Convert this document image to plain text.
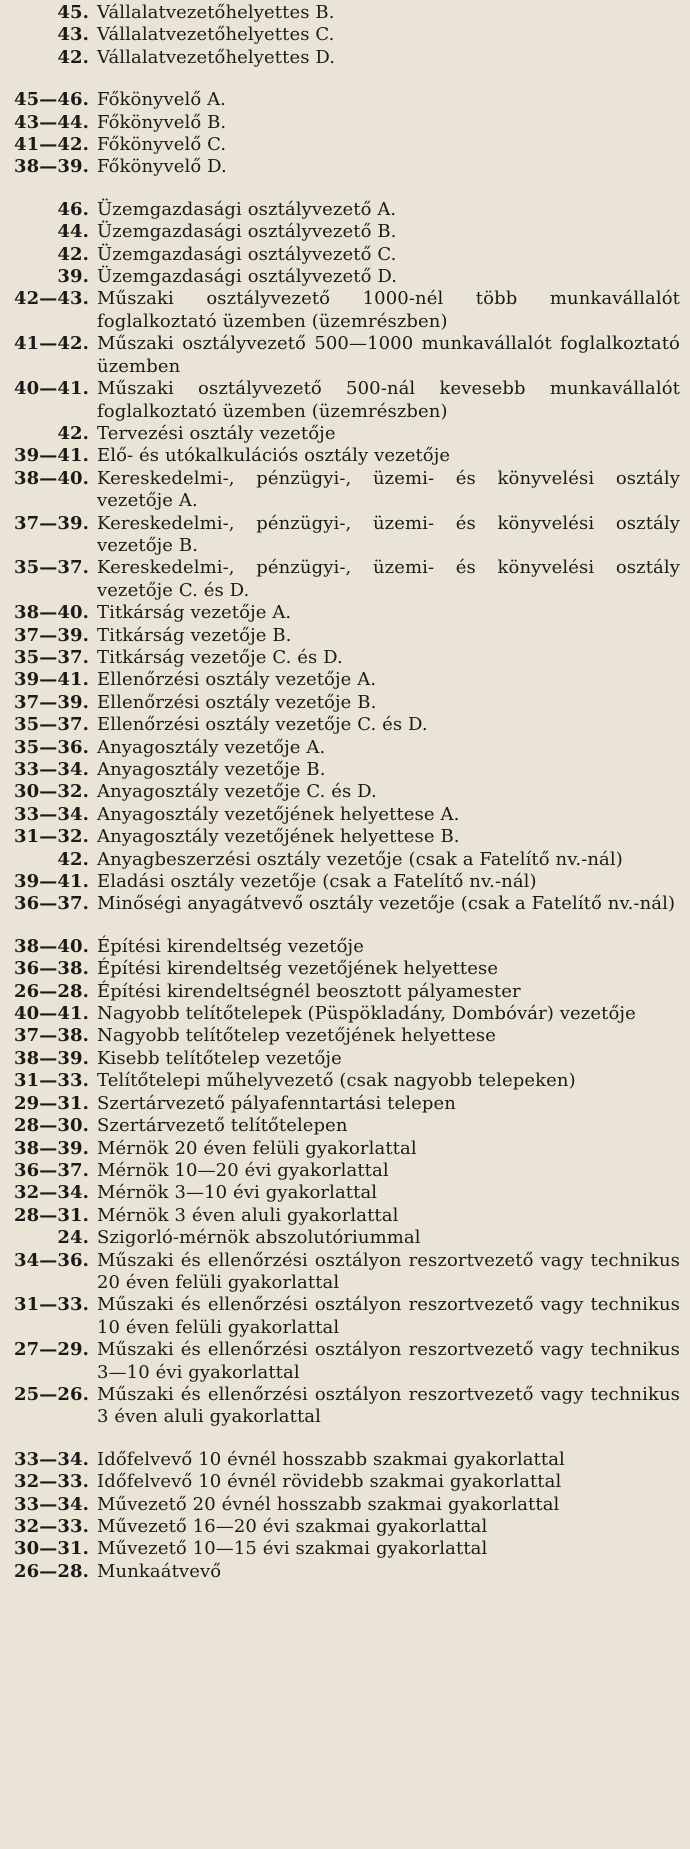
45. Vállalatvezetőhelyettes B.
43. Vállalatvezetőhelyettes C.
42. Vállalatvezetőhelyettes D.
45—46. Főkönyvelő A.
43—44. Főkönyvelő B.
41—42. Főkönyvelő C.
38—39. Főkönyvelő D.
46. Üzemgazdasági osztályvezető A.
44. Üzemgazdasági osztályvezető B.
42. Üzemgazdasági osztályvezető C.
39. Üzemgazdasági osztályvezető D.
42—43. Műszaki osztályvezető 1000-nél több munkavállalót foglalkoztató üzemben (üzemrészben)
41—42. Műszaki osztályvezető 500—1000 munkavállalót foglalkoztató üzemben
40—41. Műszaki osztályvezető 500-nál kevesebb munkavállalót foglalkoztató üzemben (üzemrészben)
42. Tervezési osztály vezetője
39—41. Elő- és utókalkulációs osztály vezetője
38—40. Kereskedelmi-, pénzügyi-, üzemi- és könyvelési osztály vezetője A.
37—39. Kereskedelmi-, pénzügyi-, üzemi- és könyvelési osztály vezetője B.
35—37. Kereskedelmi-, pénzügyi-, üzemi- és könyvelési osztály vezetője C. és D.
38—40. Titkárság vezetője A.
37—39. Titkárság vezetője B.
35—37. Titkárság vezetője C. és D.
39—41. Ellenőrzési osztály vezetője A.
37—39. Ellenőrzési osztály vezetője B.
35—37. Ellenőrzési osztály vezetője C. és D.
35—36. Anyagosztály vezetője A.
33—34. Anyagosztály vezetője B.
30—32. Anyagosztály vezetője C. és D.
33—34. Anyagosztály vezetőjének helyettese A.
31—32. Anyagosztály vezetőjének helyettese B.
42. Anyagbeszerzési osztály vezetője (csak a Fatelítő nv.-nál)
39—41. Eladási osztály vezetője (csak a Fatelítő nv.-nál)
36—37. Minőségi anyagátvevő osztály vezetője (csak a Fatelítő nv.-nál)
38—40. Építési kirendeltség vezetője
36—38. Építési kirendeltség vezetőjének helyettese
26—28. Építési kirendeltségnél beosztott pályamester
40—41. Nagyobb telítőtelepek (Püspökladány, Dombóvár) vezetője
37—38. Nagyobb telítőtelep vezetőjének helyettese
38—39. Kisebb telítőtelep vezetője
31—33. Telítőtelepi műhelyvezető (csak nagyobb telepeken)
29—31. Szertárvezető pályafenntartási telepen
28—30. Szertárvezető telítőtelepen
38—39. Mérnök 20 éven felüli gyakorlattal
36—37. Mérnök 10—20 évi gyakorlattal
32—34. Mérnök 3—10 évi gyakorlattal
28—31. Mérnök 3 éven aluli gyakorlattal
24. Szigorló-mérnök abszolutóriummal
34—36. Műszaki és ellenőrzési osztályon reszortvezető vagy technikus 20 éven felüli gyakorlattal
31—33. Műszaki és ellenőrzési osztályon reszortvezető vagy technikus 10 éven felüli gyakorlattal
27—29. Műszaki és ellenőrzési osztályon reszortvezető vagy technikus 3—10 évi gyakorlattal
25—26. Műszaki és ellenőrzési osztályon reszortvezető vagy technikus 3 éven aluli gyakorlattal
33—34. Időfelvevő 10 évnél hosszabb szakmai gyakorlattal
32—33. Időfelvevő 10 évnél rövidebb szakmai gyakorlattal
33—34. Művezető 20 évnél hosszabb szakmai gyakorlattal
32—33. Művezető 16—20 évi szakmai gyakorlattal
30—31. Művezető 10—15 évi szakmai gyakorlattal
26—28. Munkaátvevő
